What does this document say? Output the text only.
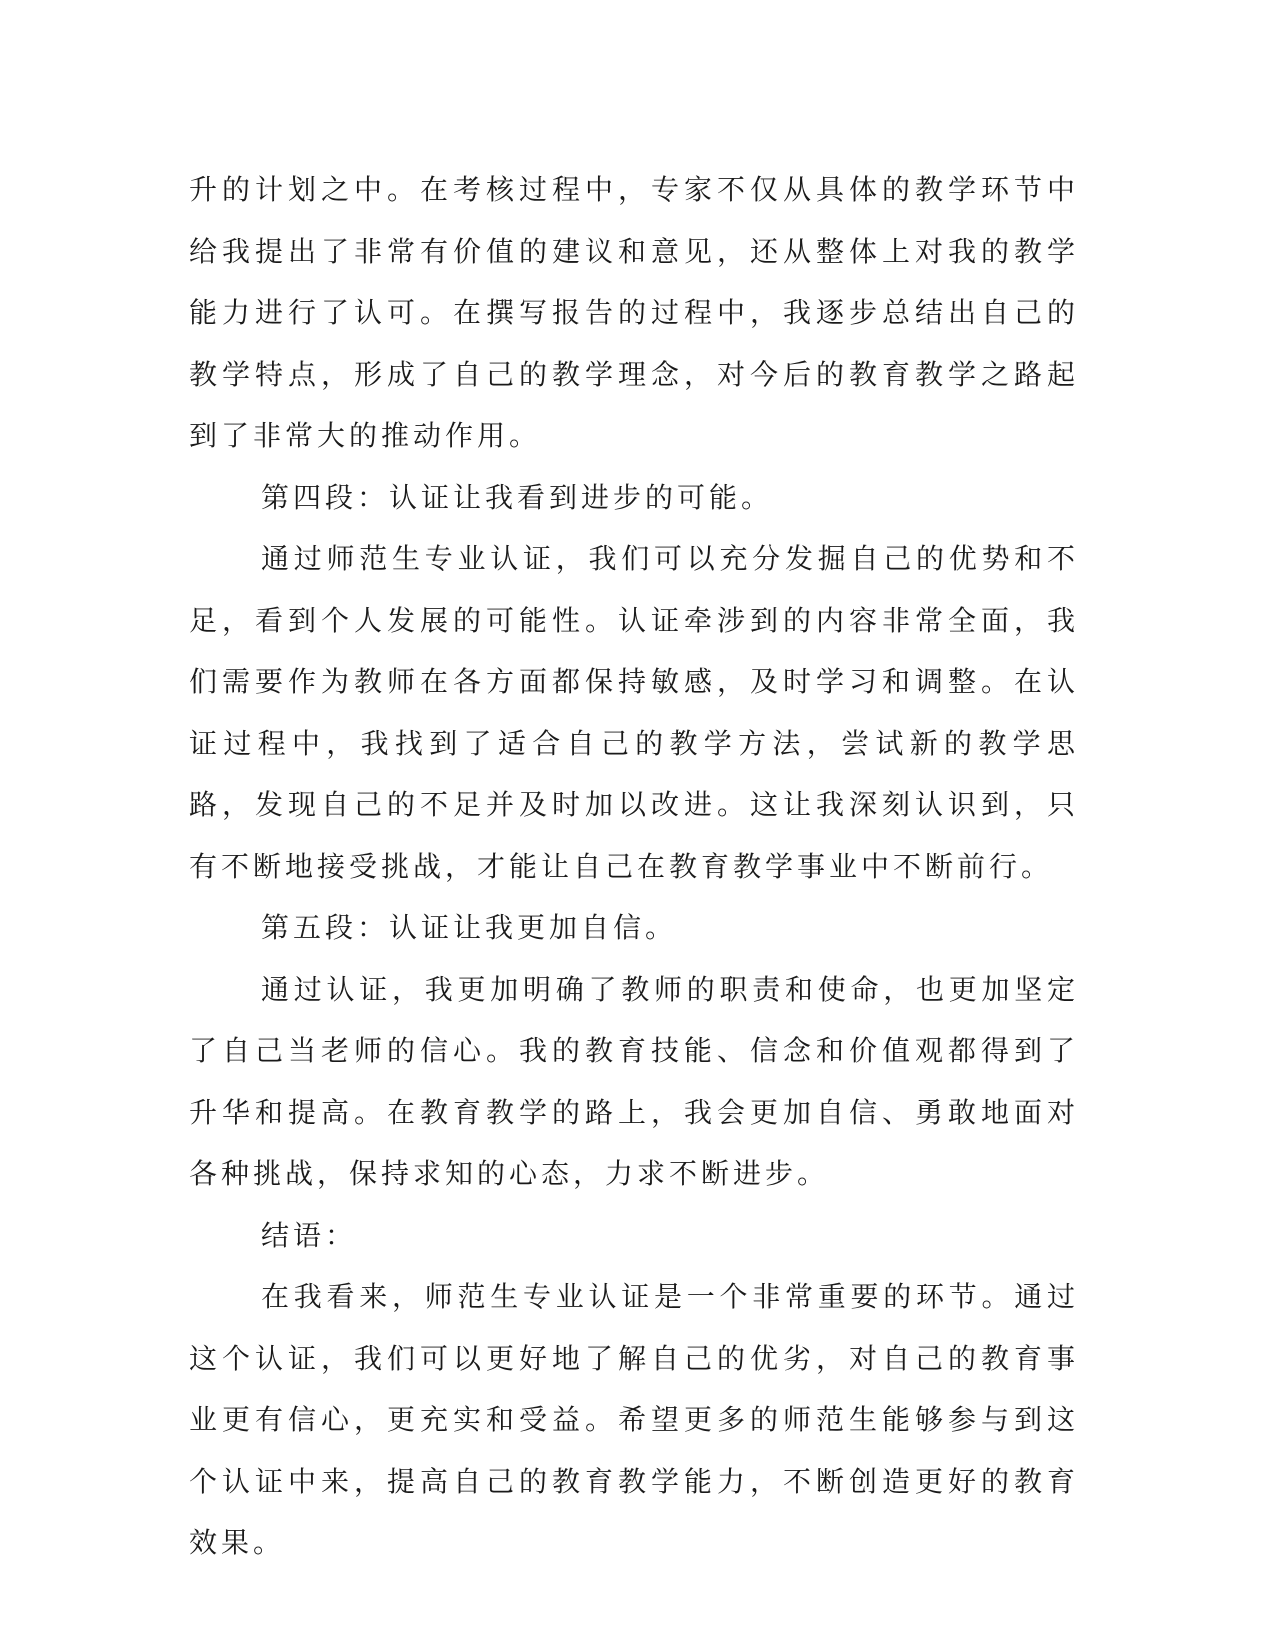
升的计划之中。在考核过程中，专家不仅从具体的教学环节中给我提出了非常有价值的建议和意见，还从整体上对我的教学能力进行了认可。在撰写报告的过程中，我逐步总结出自己的教学特点，形成了自己的教学理念，对今后的教育教学之路起到了非常大的推动作用。

第四段：认证让我看到进步的可能。

通过师范生专业认证，我们可以充分发掘自己的优势和不足，看到个人发展的可能性。认证牵涉到的内容非常全面，我们需要作为教师在各方面都保持敏感，及时学习和调整。在认证过程中，我找到了适合自己的教学方法，尝试新的教学思路，发现自己的不足并及时加以改进。这让我深刻认识到，只有不断地接受挑战，才能让自己在教育教学事业中不断前行。

第五段：认证让我更加自信。

通过认证，我更加明确了教师的职责和使命，也更加坚定了自己当老师的信心。我的教育技能、信念和价值观都得到了升华和提高。在教育教学的路上，我会更加自信、勇敢地面对各种挑战，保持求知的心态，力求不断进步。

结语：

在我看来，师范生专业认证是一个非常重要的环节。通过这个认证，我们可以更好地了解自己的优劣，对自己的教育事业更有信心，更充实和受益。希望更多的师范生能够参与到这个认证中来，提高自己的教育教学能力，不断创造更好的教育效果。
